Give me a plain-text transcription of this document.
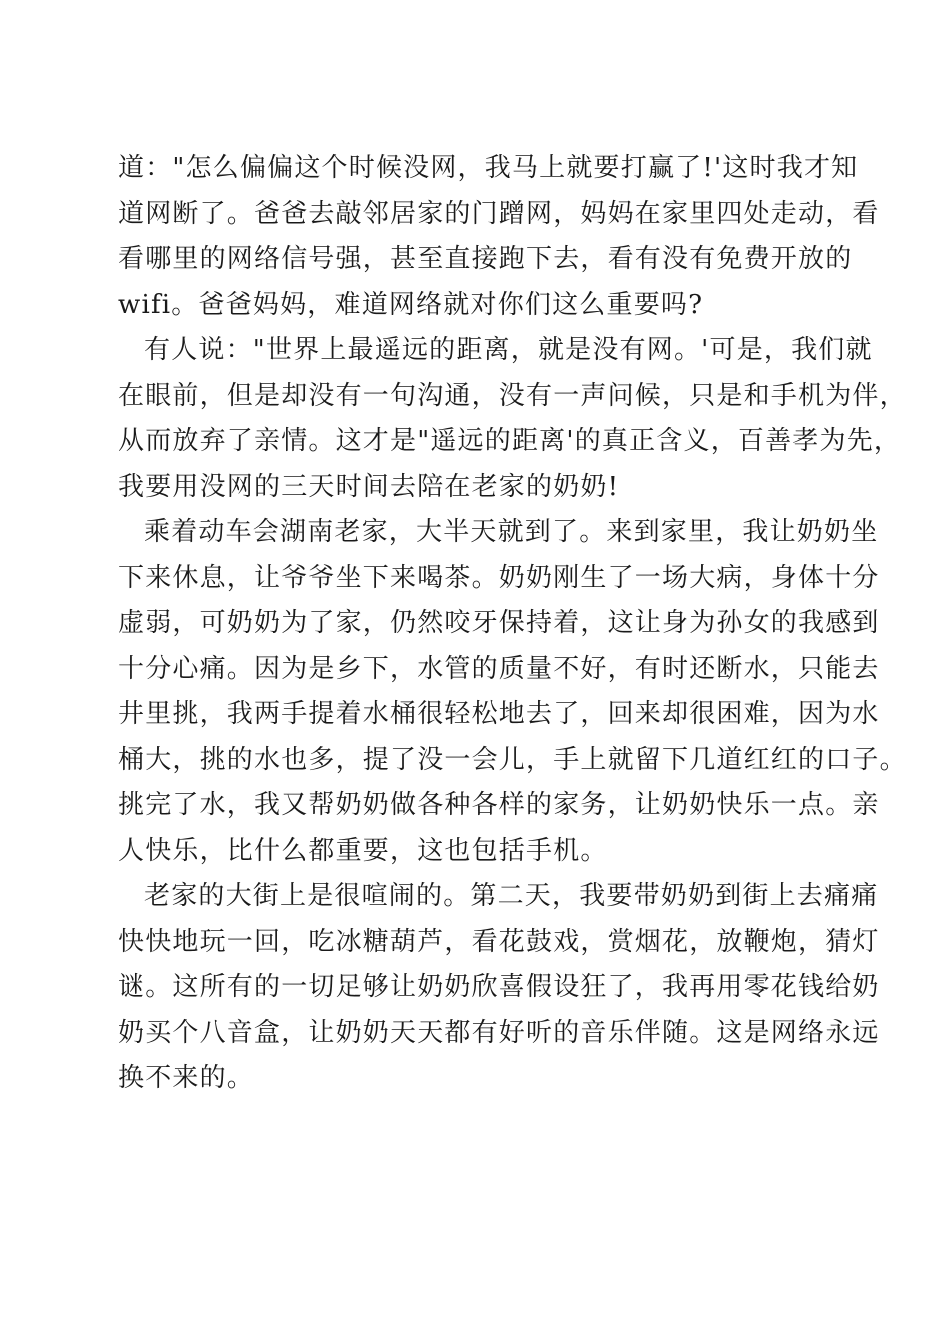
道："怎么偏偏这个时候没网，我马上就要打赢了!'这时我才知
道网断了。爸爸去敲邻居家的门蹭网，妈妈在家里四处走动，看
看哪里的网络信号强，甚至直接跑下去，看有没有免费开放的
wifi。爸爸妈妈，难道网络就对你们这么重要吗?
有人说："世界上最遥远的距离，就是没有网。'可是，我们就
在眼前，但是却没有一句沟通，没有一声问候，只是和手机为伴，
从而放弃了亲情。这才是"遥远的距离'的真正含义，百善孝为先，
我要用没网的三天时间去陪在老家的奶奶!
乘着动车会湖南老家，大半天就到了。来到家里，我让奶奶坐
下来休息，让爷爷坐下来喝茶。奶奶刚生了一场大病，身体十分
虚弱，可奶奶为了家，仍然咬牙保持着，这让身为孙女的我感到
十分心痛。因为是乡下，水管的质量不好，有时还断水，只能去
井里挑，我两手提着水桶很轻松地去了，回来却很困难，因为水
桶大，挑的水也多，提了没一会儿，手上就留下几道红红的口子。
挑完了水，我又帮奶奶做各种各样的家务，让奶奶快乐一点。亲
人快乐，比什么都重要，这也包括手机。
老家的大街上是很喧闹的。第二天，我要带奶奶到街上去痛痛
快快地玩一回，吃冰糖葫芦，看花鼓戏，赏烟花，放鞭炮，猜灯
谜。这所有的一切足够让奶奶欣喜假设狂了，我再用零花钱给奶
奶买个八音盒，让奶奶天天都有好听的音乐伴随。这是网络永远
换不来的。
